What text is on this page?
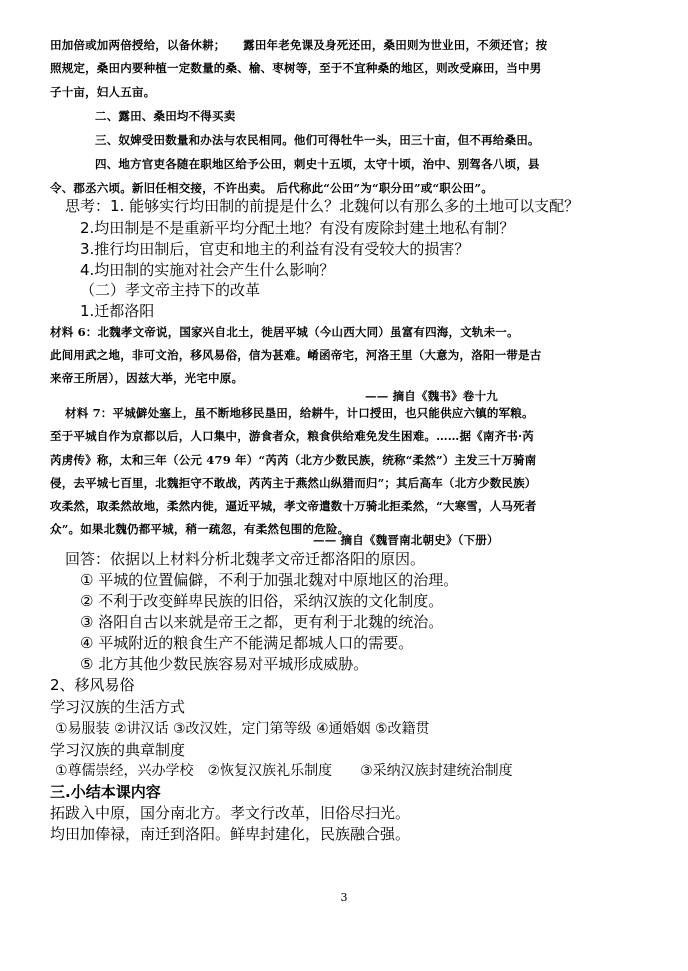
田加倍或加两倍授给，以备休耕；　　露田年老免课及身死还田，桑田则为世业田，不须还官；按
照规定，桑田内要种植一定数量的桑、榆、枣树等，至于不宜种桑的地区，则改受麻田，当中男
子十亩，妇人五亩。
二、露田、桑田均不得买卖
三、奴婢受田数量和办法与农民相同。他们可得牡牛一头，田三十亩，但不再给桑田。
四、地方官吏各随在职地区给予公田，刺史十五顷，太守十顷，治中、别驾各八顷，县
令、郡丞六顷。新旧任相交接，不许出卖。 后代称此“公田”为“职分田”或“职公田”。
思考：1. 能够实行均田制的前提是什么？北魏何以有那么多的土地可以支配？
2.均田制是不是重新平均分配土地？有没有废除封建土地私有制？
3.推行均田制后，官吏和地主的利益有没有受较大的损害？
4.均田制的实施对社会产生什么影响？
（二）孝文帝主持下的改革
1.迁都洛阳
材料 6：北魏孝文帝说，国家兴自北土，徙居平城（今山西大同）虽富有四海，文轨未一。
此间用武之地，非可文治，移风易俗，信为甚难。崤函帝宅，河洛王里（大意为，洛阳一带是古
来帝王所居），因兹大举，光宅中原。
—— 摘自《魏书》卷十九
材料 7：平城僻处塞上，虽不断地移民垦田，给耕牛，计口授田，也只能供应六镇的军粮。
至于平城自作为京都以后，人口集中，游食者众，粮食供给难免发生困难。……据《南齐书·芮
芮虏传》称，太和三年（公元 479 年）“芮芮（北方少数民族，统称“柔然”）主发三十万骑南
侵，去平城七百里，北魏拒守不敢战，芮芮主于燕然山纵猎而归”；其后高车（北方少数民族）
攻柔然，取柔然故地，柔然内徙，逼近平城，孝文帝遣数十万骑北拒柔然，“大寒雪，人马死者
众”。如果北魏仍都平城，稍一疏忽，有柔然包围的危险。
—— 摘自《魏晋南北朝史》（下册）
回答：依据以上材料分析北魏孝文帝迁都洛阳的原因。
① 平城的位置偏僻，不利于加强北魏对中原地区的治理。
② 不利于改变鲜卑民族的旧俗，采纳汉族的文化制度。
③ 洛阳自古以来就是帝王之都，更有利于北魏的统治。
④ 平城附近的粮食生产不能满足都城人口的需要。
⑤ 北方其他少数民族容易对平城形成威胁。
2、移风易俗
学习汉族的生活方式
①易服装 ②讲汉话 ③改汉姓，定门第等级 ④通婚姻 ⑤改籍贯
学习汉族的典章制度
①尊儒崇经，兴办学校　②恢复汉族礼乐制度　　③采纳汉族封建统治制度
三.小结本课内容
拓跋入中原，国分南北方。孝文行改革，旧俗尽扫光。
均田加俸禄，南迁到洛阳。鲜卑封建化，民族融合强。
3
